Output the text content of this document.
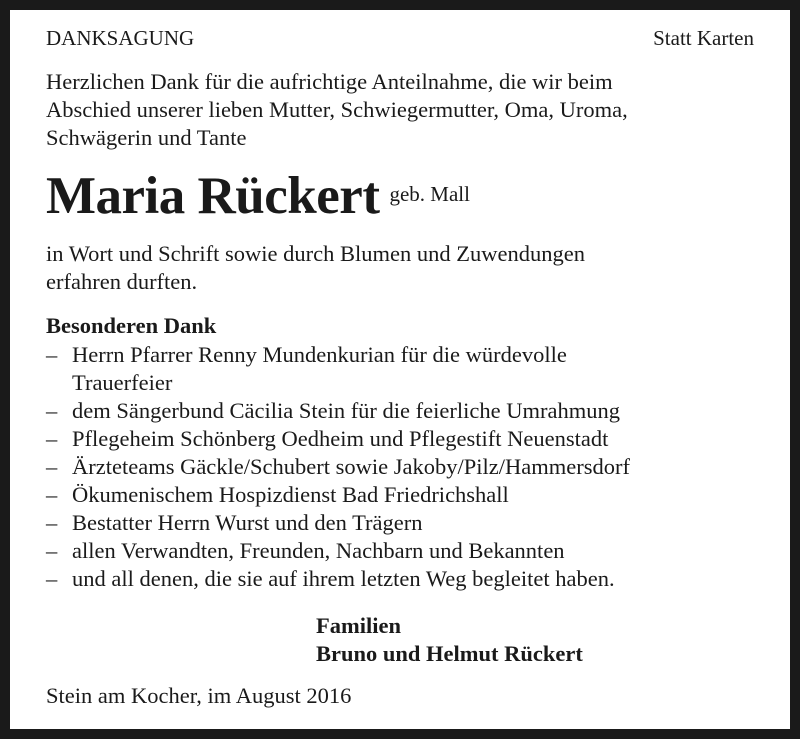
DANKSAGUNG	Statt Karten
Herzlichen Dank für die aufrichtige Anteilnahme, die wir beim
Abschied unserer lieben Mutter, Schwiegermutter, Oma, Uroma,
Schwägerin und Tante
Maria Rückert geb. Mall
in Wort und Schrift sowie durch Blumen und Zuwendungen
erfahren durften.
Besonderen Dank
– Herrn Pfarrer Renny Mundenkurian für die würdevolle
Trauerfeier
– dem Sängerbund Cäcilia Stein für die feierliche Umrahmung
– Pflegeheim Schönberg Oedheim und Pflegestift Neuenstadt
– Ärzteteams Gäckle/Schubert sowie Jakoby/Pilz/Hammersdorf
– Ökumenischem Hospizdienst Bad Friedrichshall
– Bestatter Herrn Wurst und den Trägern
– allen Verwandten, Freunden, Nachbarn und Bekannten
– und all denen, die sie auf ihrem letzten Weg begleitet haben.
Familien
Bruno und Helmut Rückert
Stein am Kocher, im August 2016
